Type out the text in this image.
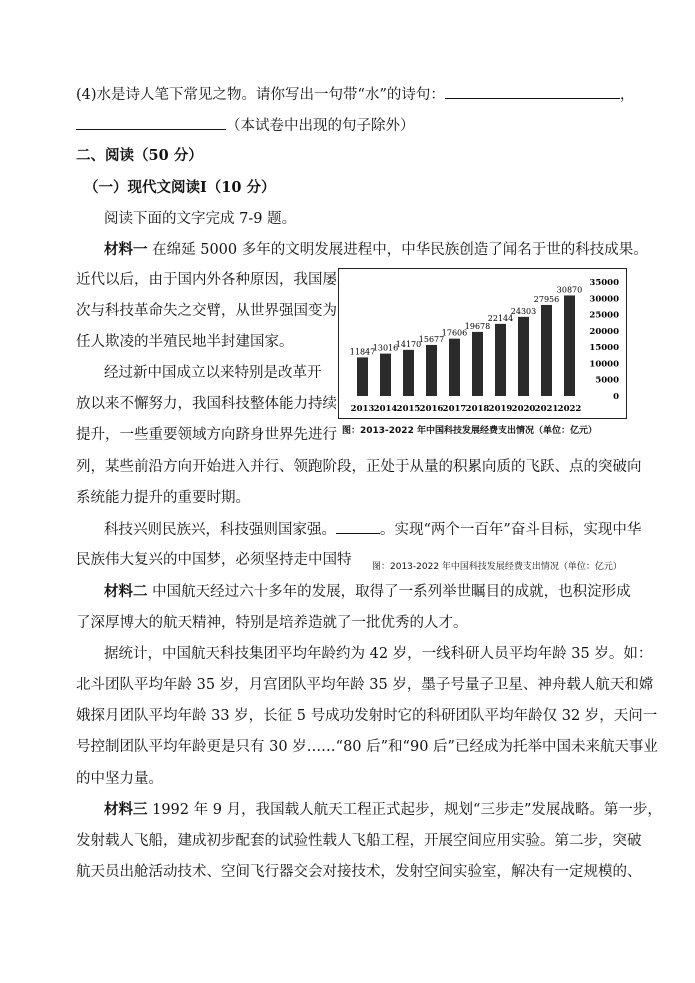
(4)水是诗人笔下常见之物。请你写出一句带“水”的诗句：	，
（本试卷中出现的句子除外）
二、阅读（50 分）
（一）现代文阅读Ⅰ（10 分）
阅读下面的文字完成 7-9 题。
材料一 在绵延 5000 多年的文明发展进程中，中华民族创造了闻名于世的科技成果。
近代以后，由于国内外各种原因，我国屡
次与科技革命失之交臂，从世界强国变为
任人欺凌的半殖民地半封建国家。
经过新中国成立以来特别是改革开
放以来不懈努力，我国科技整体能力持续
提升，一些重要领域方向跻身世界先进行
列，某些前沿方向开始进入并行、领跑阶段，正处于从量的积累向质的飞跃、点的突破向
系统能力提升的重要时期。
科技兴则民族兴，科技强则国家强。	。实现“两个一百年”奋斗目标，实现中华
民族伟大复兴的中国梦，必须坚持走中国特 图：2013-2022 年中国科技发展经费支出情况（单位：亿元）
11847
2013
13016
2014
14170
2015
15677
2016
17606
2017
19678
2018
22144
2019
24303
2020
27956
2021
30870
2022
35000
30000
25000
20000
15000
10000
5000
0
图：2013-2022 年中国科技发展经费支出情况（单位：亿元）
材料二 中国航天经过六十多年的发展，取得了一系列举世瞩目的成就，也积淀形成
了深厚博大的航天精神，特别是培养造就了一批优秀的人才。
据统计，中国航天科技集团平均年龄约为 42 岁，一线科研人员平均年龄 35 岁。如：
北斗团队平均年龄 35 岁，月宫团队平均年龄 35 岁，墨子号量子卫星、神舟载人航天和嫦
娥探月团队平均年龄 33 岁，长征 5 号成功发射时它的科研团队平均年龄仅 32 岁，天问一
号控制团队平均年龄更是只有 30 岁……“80 后”和“90 后”已经成为托举中国未来航天事业
的中坚力量。
材料三 1992 年 9 月，我国载人航天工程正式起步，规划“三步走”发展战略。第一步，
发射载人飞船，建成初步配套的试验性载人飞船工程，开展空间应用实验。第二步，突破
航天员出舱活动技术、空间飞行器交会对接技术，发射空间实验室，解决有一定规模的、
